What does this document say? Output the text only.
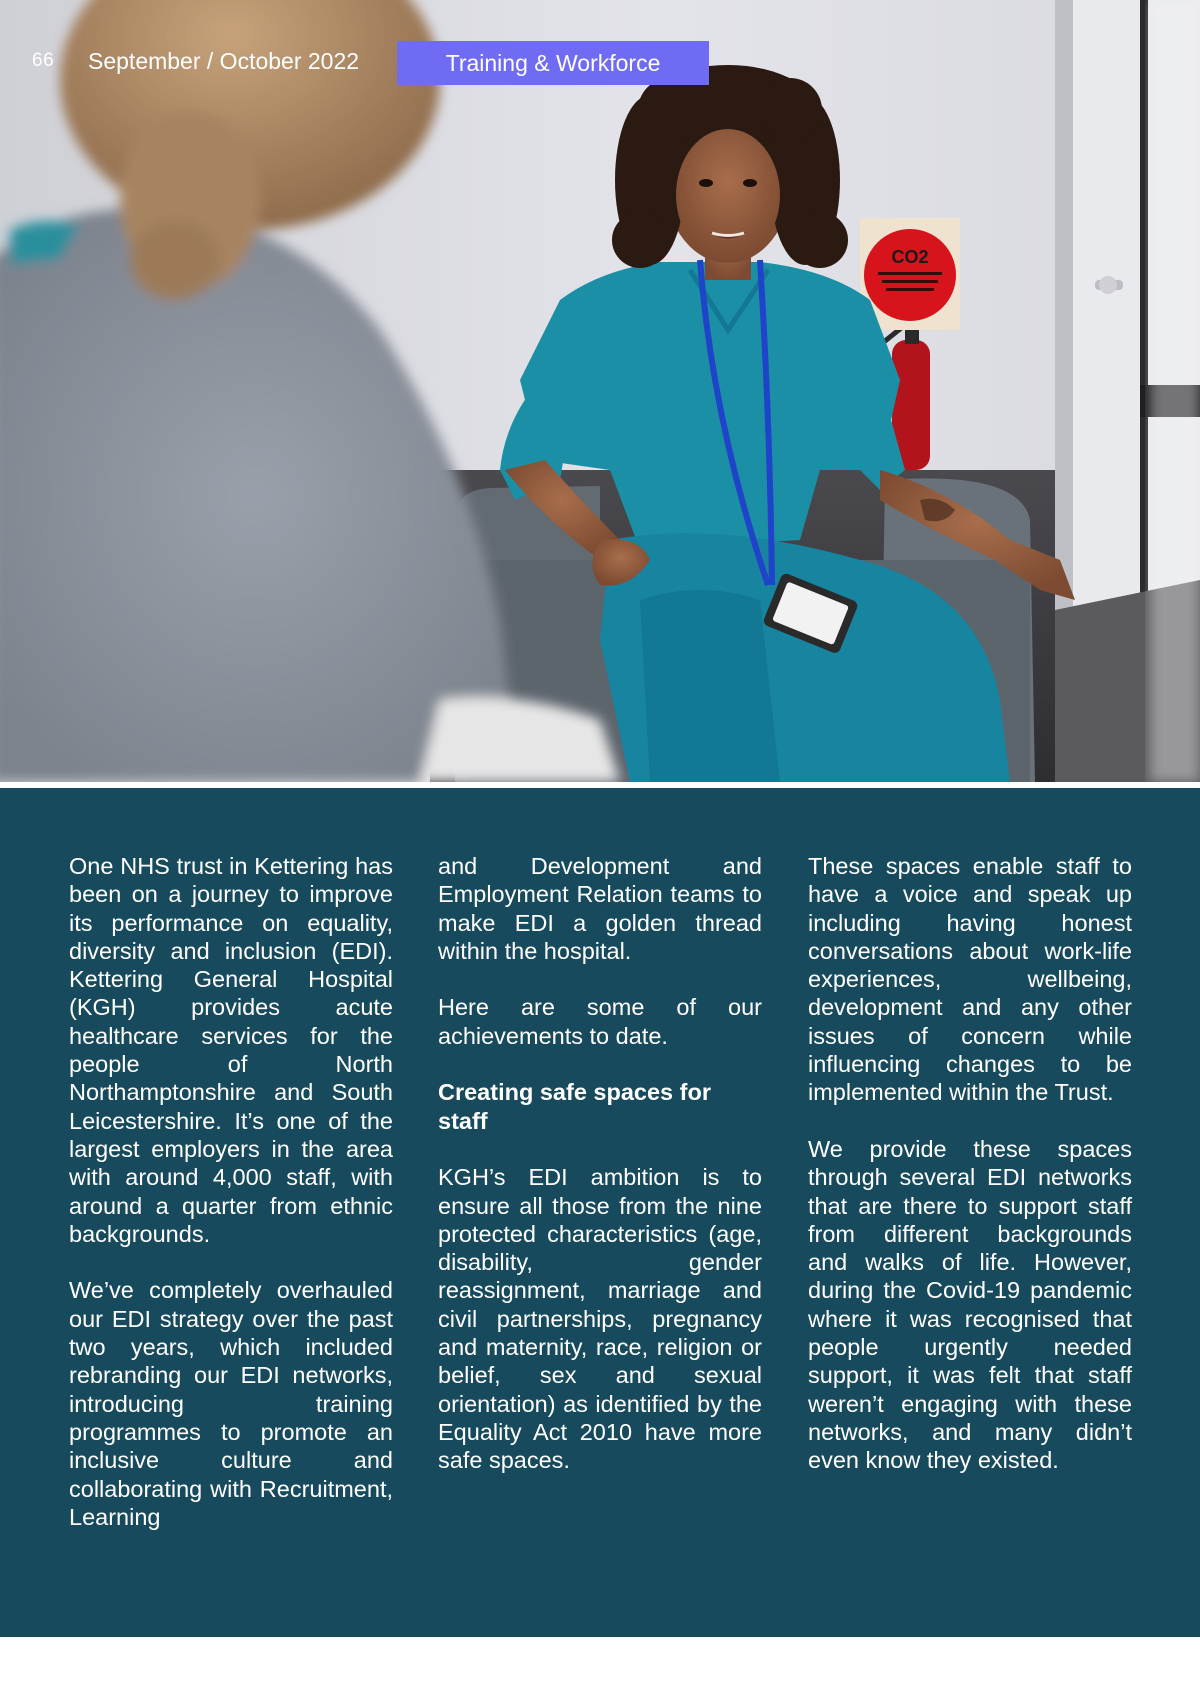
CO2
66 September / October 2022	Training & Workforce

One NHS trust in Kettering has been on a journey to improve its performance on equality, diversity and inclusion (EDI). Kettering General Hospital (KGH) provides acute healthcare services for the people of North Northamptonshire and South Leicestershire. It’s one of the largest employers in the area with around 4,000 staff, with around a quarter from ethnic backgrounds.

We’ve completely overhauled our EDI strategy over the past two years, which included rebranding our EDI networks, introducing training programmes to promote an inclusive culture and collaborating with Recruitment, Learning

and Development and Employment Relation teams to make EDI a golden thread within the hospital.

Here are some of our achievements to date.

Creating safe spaces for staff

KGH’s EDI ambition is to ensure all those from the nine protected characteristics (age, disability, gender reassignment, marriage and civil partnerships, pregnancy and maternity, race, religion or belief, sex and sexual orientation) as identified by the Equality Act 2010 have more safe spaces.

These spaces enable staff to have a voice and speak up including having honest conversations about work-life experiences, wellbeing, development and any other issues of concern while influencing changes to be implemented within the Trust.

We provide these spaces through several EDI networks that are there to support staff from different backgrounds and walks of life. However, during the Covid-19 pandemic where it was recognised that people urgently needed support, it was felt that staff weren’t engaging with these networks, and many didn’t even know they existed.
